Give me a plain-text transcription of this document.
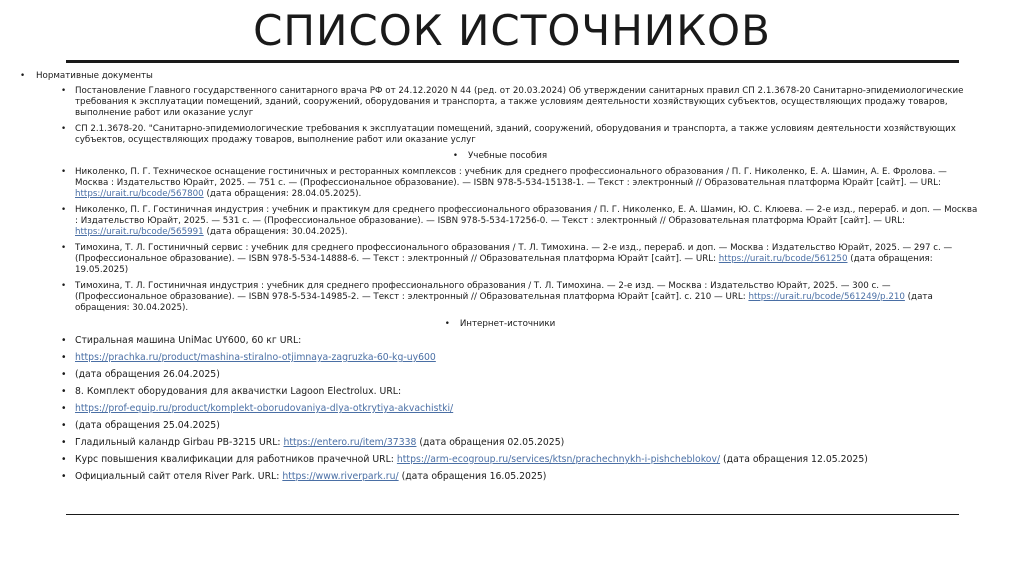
СПИСОК ИСТОЧНИКОВ
• Нормативные документы
• Постановление Главного государственного санитарного врача РФ от 24.12.2020 N 44 (ред. от 20.03.2024) Об утверждении санитарных правил СП 2.1.3678-20 Санитарно-эпидемиологические требования к эксплуатации помещений, зданий, сооружений, оборудования и транспорта, а также условиям деятельности хозяйствующих субъектов, осуществляющих продажу товаров, выполнение работ или оказание услуг
• СП 2.1.3678-20. "Санитарно-эпидемиологические требования к эксплуатации помещений, зданий, сооружений, оборудования и транспорта, а также условиям деятельности хозяйствующих субъектов, осуществляющих продажу товаров, выполнение работ или оказание услуг
• Учебные пособия
• Николенко, П. Г. Техническое оснащение гостиничных и ресторанных комплексов : учебник для среднего профессионального образования / П. Г. Николенко, Е. А. Шамин, А. Е. Фролова. — Москва : Издательство Юрайт, 2025. — 751 с. — (Профессиональное образование). — ISBN 978-5-534-15138-1. — Текст : электронный // Образовательная платформа Юрайт [сайт]. — URL: https://urait.ru/bcode/567800 (дата обращения: 28.04.05.2025).
• Николенко, П. Г. Гостиничная индустрия : учебник и практикум для среднего профессионального образования / П. Г. Николенко, Е. А. Шамин, Ю. С. Клюева. — 2-е изд., перераб. и доп. — Москва : Издательство Юрайт, 2025. — 531 с. — (Профессиональное образование). — ISBN 978-5-534-17256-0. — Текст : электронный // Образовательная платформа Юрайт [сайт]. — URL: https://urait.ru/bcode/565991 (дата обращения: 30.04.2025).
• Тимохина, Т. Л. Гостиничный сервис : учебник для среднего профессионального образования / Т. Л. Тимохина. — 2-е изд., перераб. и доп. — Москва : Издательство Юрайт, 2025. — 297 с. — (Профессиональное образование). — ISBN 978-5-534-14888-6. — Текст : электронный // Образовательная платформа Юрайт [сайт]. — URL: https://urait.ru/bcode/561250 (дата обращения: 19.05.2025)
• Тимохина, Т. Л. Гостиничная индустрия : учебник для среднего профессионального образования / Т. Л. Тимохина. — 2-е изд. — Москва : Издательство Юрайт, 2025. — 300 с. — (Профессиональное образование). — ISBN 978-5-534-14985-2. — Текст : электронный // Образовательная платформа Юрайт [сайт]. с. 210 — URL: https://urait.ru/bcode/561249/p.210 (дата обращения: 30.04.2025).
• Интернет-источники
• Стиральная машина UniMac UY600, 60 кг URL:
• https://prachka.ru/product/mashina-stiralno-otjimnaya-zagruzka-60-kg-uy600
• (дата обращения 26.04.2025)
• 8. Комплект оборудования для аквачистки Lagoon Electrolux. URL:
• https://prof-equip.ru/product/komplekt-oborudovaniya-dlya-otkrytiya-akvachistki/
• (дата обращения 25.04.2025)
• Гладильный каландр Girbau PB-3215 URL: https://entero.ru/item/37338 (дата обращения 02.05.2025)
• Курс повышения квалификации для работников прачечной URL: https://arm-ecogroup.ru/services/ktsn/prachechnykh-i-pishcheblokov/ (дата обращения 12.05.2025)
• Официальный сайт отеля River Park. URL: https://www.riverpark.ru/ (дата обращения 16.05.2025)
